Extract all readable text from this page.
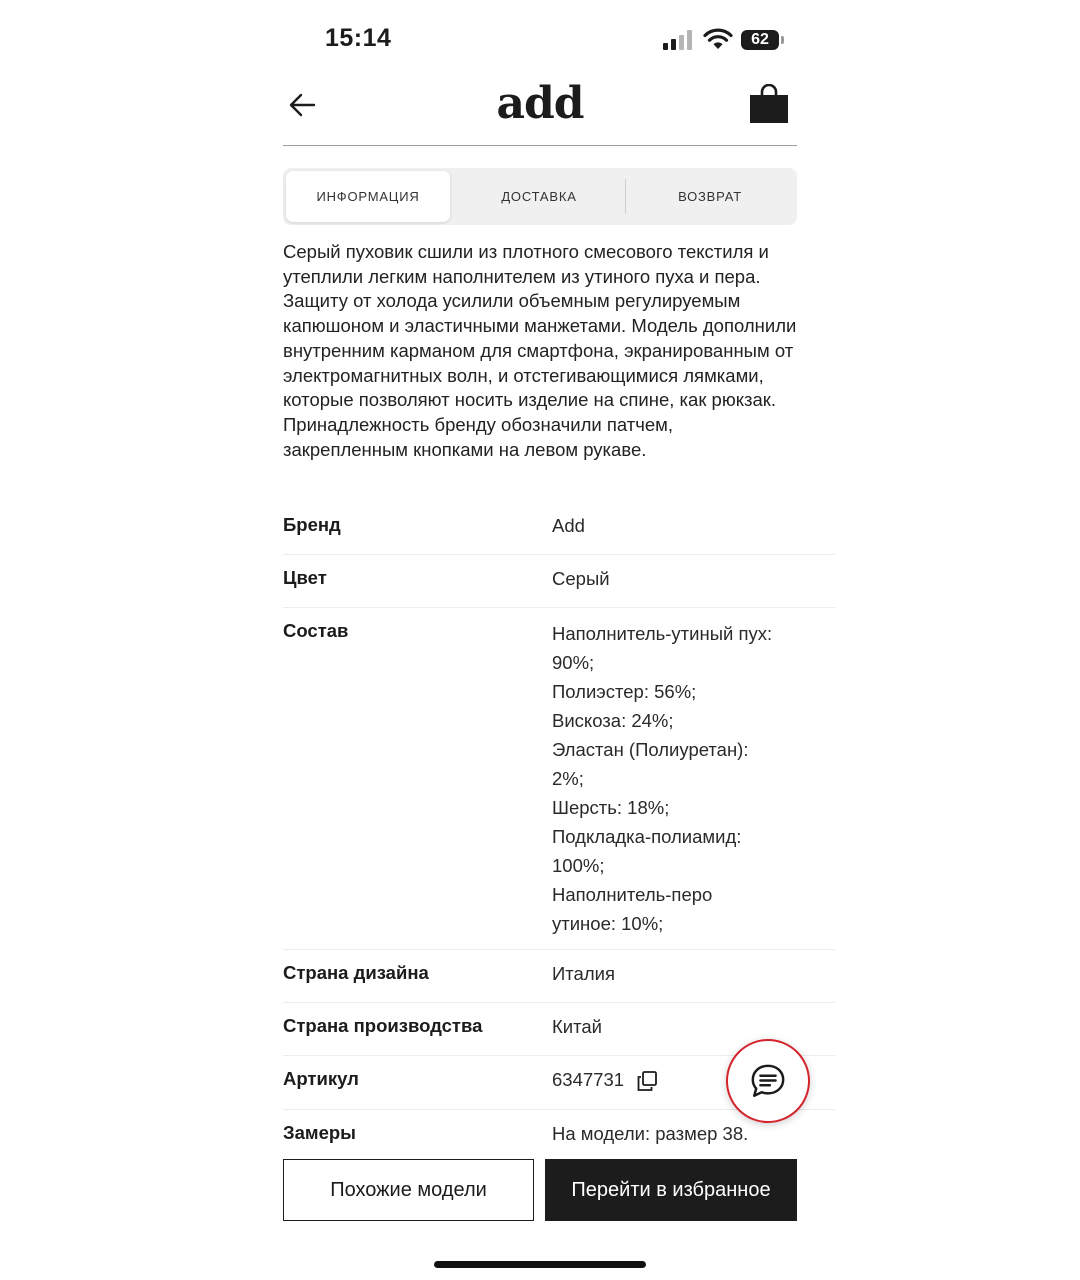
15:14	62
add
ИНФОРМАЦИЯ	ДОСТАВКА	ВОЗВРАТ
Серый пуховик сшили из плотного смесового текстиля и утеплили легким наполнителем из утиного пуха и пера. Защиту от холода усилили объемным регулируемым капюшоном и эластичными манжетами. Модель дополнили внутренним карманом для смартфона, экранированным от электромагнитных волн, и отстегивающимися лямками, которые позволяют носить изделие на спине, как рюкзак. Принадлежность бренду обозначили патчем, закрепленным кнопками на левом рукаве.
Бренд	Add
Цвет	Серый
Состав	Наполнитель-утиный пух:
90%;
Полиэстер: 56%;
Вискоза: 24%;
Эластан (Полиуретан):
2%;
Шерсть: 18%;
Подкладка-полиамид:
100%;
Наполнитель-перо
утиное: 10%;
Страна дизайна	Италия
Страна производства	Китай
Артикул	6347731
Замеры	На модели: размер 38.
Похожие модели	Перейти в избранное
